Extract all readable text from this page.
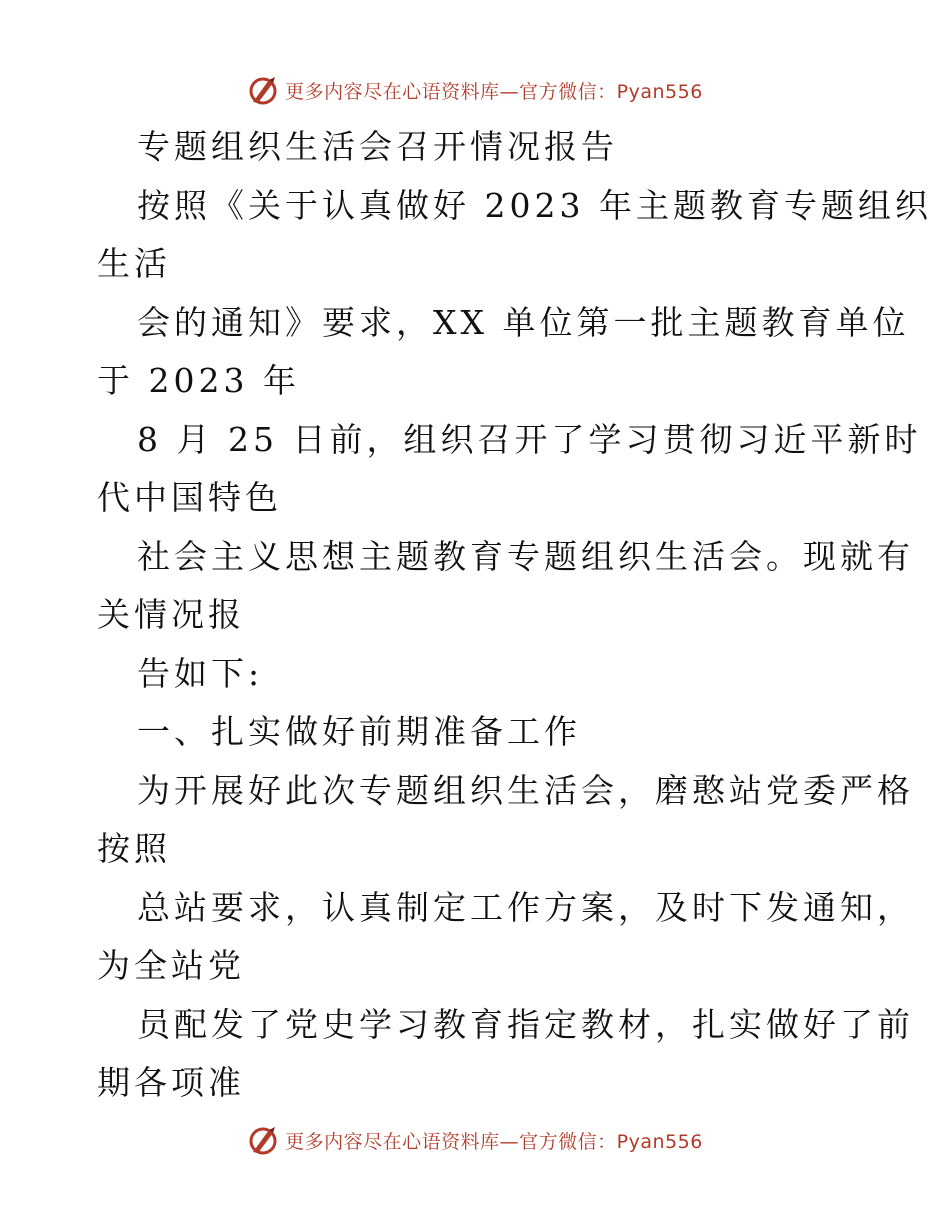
更多内容尽在心语资料库—官方微信：Pyan556
专题组织生活会召开情况报告
按照《关于认真做好 2023 年主题教育专题组织
生活
会的通知》要求，XX 单位第一批主题教育单位
于 2023 年
8 月 25 日前，组织召开了学习贯彻习近平新时
代中国特色
社会主义思想主题教育专题组织生活会。现就有
关情况报
告如下:
一、扎实做好前期准备工作
为开展好此次专题组织生活会，磨憨站党委严格
按照
总站要求，认真制定工作方案，及时下发通知，
为全站党
员配发了党史学习教育指定教材，扎实做好了前
期各项准
更多内容尽在心语资料库—官方微信：Pyan556
